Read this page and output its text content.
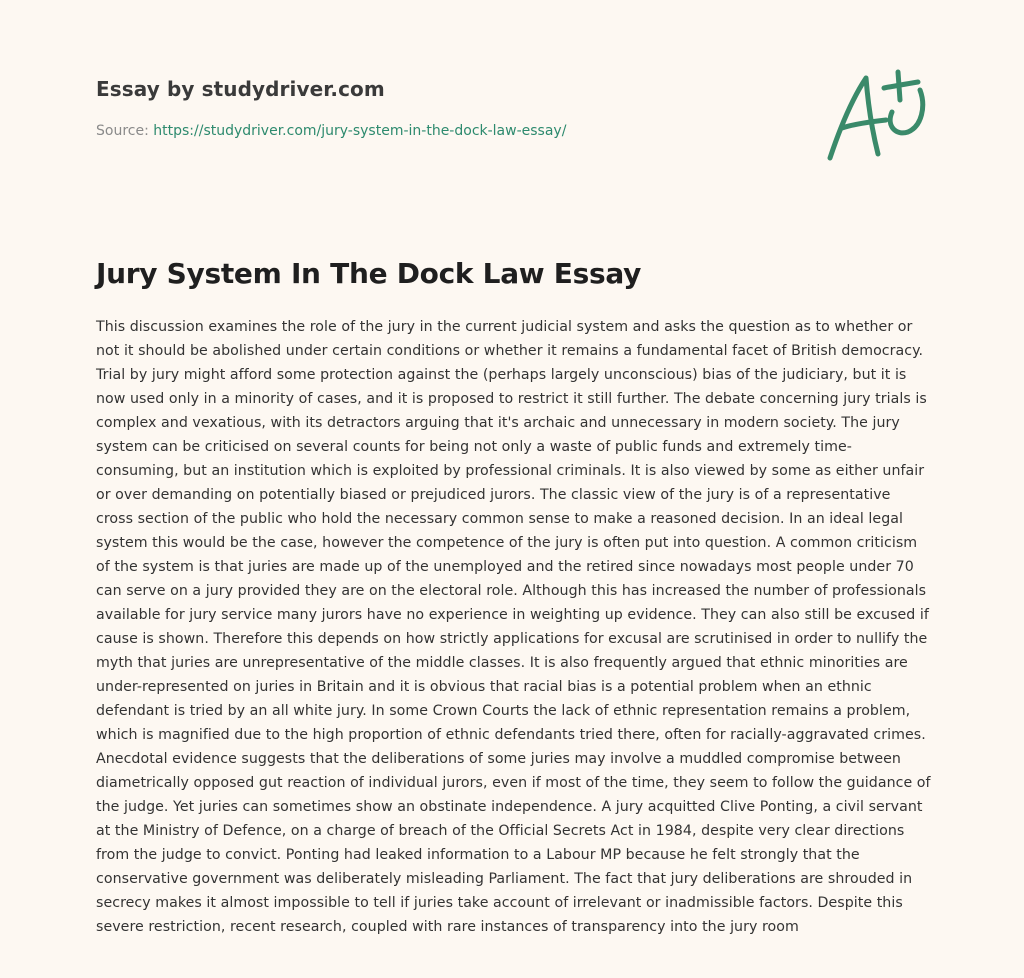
Essay by studydriver.com
Source: https://studydriver.com/jury-system-in-the-dock-law-essay/
Jury System In The Dock Law Essay

This discussion examines the role of the jury in the current judicial system and asks the question as to whether or not it should be abolished under certain conditions or whether it remains a fundamental facet of British democracy. Trial by jury might afford some protection against the (perhaps largely unconscious) bias of the judiciary, but it is now used only in a minority of cases, and it is proposed to restrict it still further. The debate concerning jury trials is complex and vexatious, with its detractors arguing that it's archaic and unnecessary in modern society. The jury system can be criticised on several counts for being not only a waste of public funds and extremely time-consuming, but an institution which is exploited by professional criminals. It is also viewed by some as either unfair or over demanding on potentially biased or prejudiced jurors. The classic view of the jury is of a representative cross section of the public who hold the necessary common sense to make a reasoned decision. In an ideal legal system this would be the case, however the competence of the jury is often put into question. A common criticism of the system is that juries are made up of the unemployed and the retired since nowadays most people under 70 can serve on a jury provided they are on the electoral role. Although this has increased the number of professionals available for jury service many jurors have no experience in weighting up evidence. They can also still be excused if cause is shown. Therefore this depends on how strictly applications for excusal are scrutinised in order to nullify the myth that juries are unrepresentative of the middle classes. It is also frequently argued that ethnic minorities are under-represented on juries in Britain and it is obvious that racial bias is a potential problem when an ethnic defendant is tried by an all white jury. In some Crown Courts the lack of ethnic representation remains a problem, which is magnified due to the high proportion of ethnic defendants tried there, often for racially-aggravated crimes. Anecdotal evidence suggests that the deliberations of some juries may involve a muddled compromise between diametrically opposed gut reaction of individual jurors, even if most of the time, they seem to follow the guidance of the judge. Yet juries can sometimes show an obstinate independence. A jury acquitted Clive Ponting, a civil servant at the Ministry of Defence, on a charge of breach of the Official Secrets Act in 1984, despite very clear directions from the judge to convict. Ponting had leaked information to a Labour MP because he felt strongly that the conservative government was deliberately misleading Parliament. The fact that jury deliberations are shrouded in secrecy makes it almost impossible to tell if juries take account of irrelevant or inadmissible factors. Despite this severe restriction, recent research, coupled with rare instances of transparency into the jury room
